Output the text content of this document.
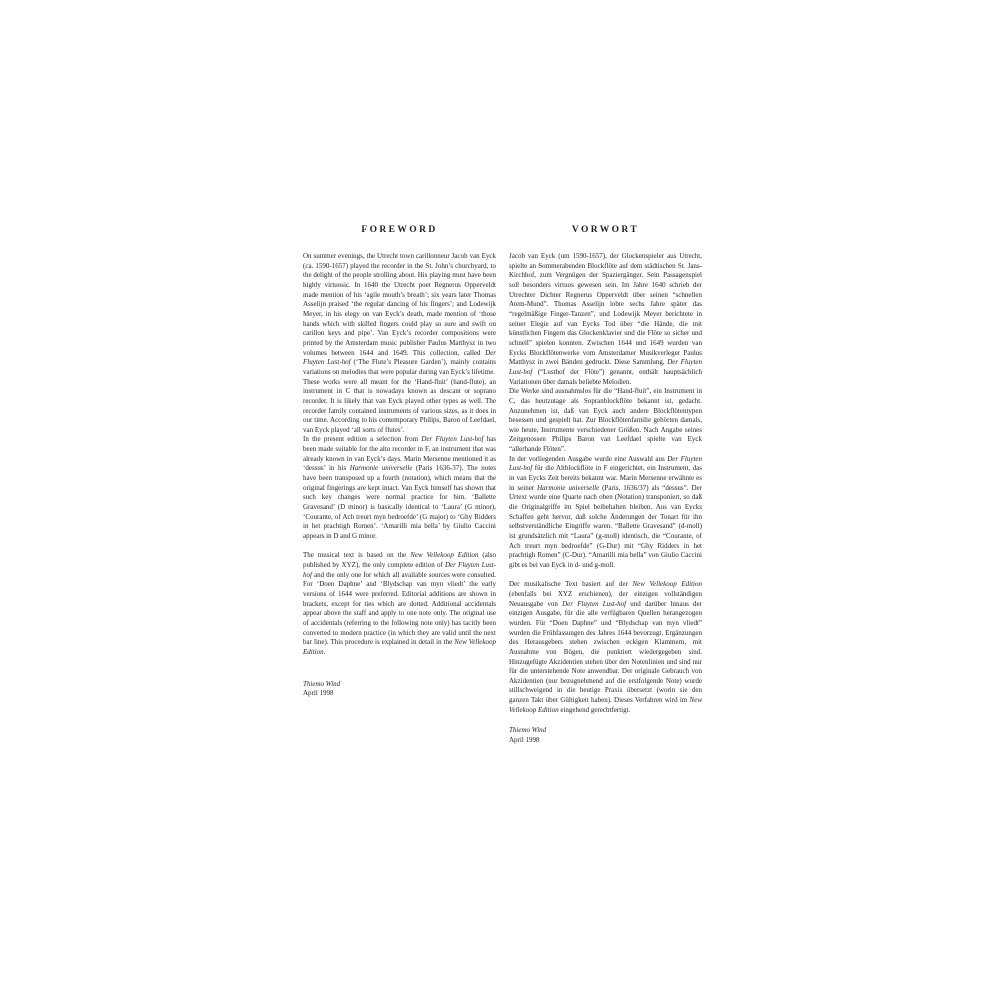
FOREWORD

On summer evenings, the Utrecht town carillonneur Jacob van Eyck (ca. 1590-1657) played the recorder in the St. John’s churchyard, to the delight of the people strolling about. His playing must have been highly virtuosic. In 1640 the Utrecht poet Regnerus Opperveldt made mention of his ‘agile mouth’s breath’; six years later Thomas Asselijn praised ‘the regular dancing of his fingers’; and Lodewijk Meyer, in his elegy on van Eyck’s death, made mention of ‘those hands which with skilled fingers could play so sure and swift on carillon keys and pipe’. Van Eyck’s recorder compositions were printed by the Amsterdam music publisher Paulus Matthysz in two volumes between 1644 and 1649. This collection, called Der Fluyten Lust-hof (‘The Flute’s Pleasure Garden’), mainly contains variations on melodies that were popular during van Eyck’s lifetime.

These works were all meant for the ‘Hand-fluit’ (hand-flute), an instrument in C that is nowadays known as descant or soprano recorder. It is likely that van Eyck played other types as well. The recorder family contained instruments of various sizes, as it does in our time. According to his contemporary Philips, Baron of Leefdael, van Eyck played ‘all sorts of flutes’.

In the present edition a selection from Der Fluyten Lust-hof has been made suitable for the alto recorder in F, an instrument that was already known in van Eyck’s days. Marin Mersenne mentioned it as ‘dessus’ in his Harmonie universelle (Paris 1636-37). The notes have been transposed up a fourth (notation), which means that the original fingerings are kept intact. Van Eyck himself has shown that such key changes were normal practice for him. ‘Ballette Gravesand’ (D minor) is basically identical to ‘Laura’ (G minor), ‘Courante, of Ach treurt myn bedroefde’ (G major) to ‘Ghy Ridders in het prachtigh Romen’. ‘Amarilli mia bella’ by Giulio Caccini appears in D and G minor.

The musical text is based on the New Vellekoop Edition (also published by XYZ), the only complete edition of Der Fluyten Lust-hof and the only one for which all available sources were consulted. For ‘Doen Daphne’ and ‘Blydschap van myn vliedt’ the early versions of 1644 were preferred. Editorial additions are shown in brackets, except for ties which are dotted. Additional accidentals appear above the staff and apply to one note only. The original use of accidentals (referring to the following note only) has tacitly been converted to modern practice (in which they are valid until the next bar line). This procedure is explained in detail in the New Vellekoop Edition.

Thiemo Wind

April 1998

VORWORT

Jacob van Eyck (um 1590-1657), der Glockenspieler aus Utrecht, spielte an Sommerabenden Blockflöte auf dem städtischen St. Jans-Kirchhof, zum Vergnügen der Spaziergänger. Sein Passagenspiel soll besonders virtuos gewesen sein. Im Jahre 1640 schrieb der Utrechter Dichter Regnerus Opperveldt über seinen “schnellen Atem-Mund”. Thomas Asselijn lobte sechs Jahre später das “regelmäßige Finger-Tanzen”, und Lodewijk Meyer berichtete in seiner Elegie auf van Eycks Tod über “die Hände, die mit künstlichen Fingern das Glockenklavier und die Flöte so sicher und schnell” spielen konnten. Zwischen 1644 und 1649 wurden van Eycks Blockflötenwerke vom Amsterdamer Musikverleger Paulus Matthysz in zwei Bänden gedruckt. Diese Sammlung, Der Fluyten Lust-hof (“Lusthof der Flöte”) genannt, enthält hauptsächlich Variationen über damals beliebte Melodien.

Die Werke sind ausnahmslos für die “Hand-fluit”, ein Instrument in C, das heutzutage als Sopranblockflöte bekannt ist, gedacht. Anzunehmen ist, daß van Eyck auch andere Blockflötentypen besessen und gespielt hat. Zur Blockflötenfamilie gehörten damals, wie heute, Instrumente verschiedener Größen. Nach Angabe seines Zeitgenossen Philips Baron van Leefdael spielte van Eyck “allerhande Flöten”.

In der vorliegenden Ausgabe wurde eine Auswahl aus Der Fluyten Lust-hof für die Altblockflöte in F eingerichtet, ein Instrument, das in van Eycks Zeit bereits bekannt war. Marin Mersenne erwähnte es in seiner Harmonie universelle (Paris, 1636/37) als “dessus”. Der Urtext wurde eine Quarte nach oben (Notation) transponiert, so daß die Originalgriffe im Spiel beibehalten bleiben. Aus van Eycks Schaffen geht hervor, daß solche Änderungen der Tonart für ihn selbstverständliche Eingriffe waren. “Ballette Gravesand” (d-moll) ist grundsätzlich mit “Laura” (g-moll) identisch, die “Courante, of Ach treurt myn bedroefde” (G-Dur) mit “Ghy Ridders in het prachtigh Romen” (C-Dur). “Amarilli mia bella” von Giulio Caccini gibt es bei van Eyck in d- und g-moll.

Der musikalische Text basiert auf der New Vellekoop Edition (ebenfalls bei XYZ erschienen), der einzigen vollständigen Neuausgabe von Der Fluyten Lust-hof und darüber hinaus der einzigen Ausgabe, für die alle verfügbaren Quellen herangezogen wurden. Für “Doen Daphne” und “Blydschap van myn vliedt” wurden die Frühfassungen des Jahres 1644 bevorzugt. Ergänzungen des Herausgebers stehen zwischen eckigen Klammern, mit Ausnahme von Bögen, die punktiert wiedergegeben sind. Hinzugefügte Akzidentien stehen über den Notenlinien und sind nur für die unterstehende Note anwendbar. Der originale Gebrauch von Akzidentien (nur bezugnehmend auf die erstfolgende Note) wurde stillschweigend in die heutige Praxis übersetzt (worin sie den ganzen Takt über Gültigkeit haben). Dieses Verfahren wird im New Vellekoop Edition eingehend gerechtfertigt.

Thiemo Wind

April 1998
